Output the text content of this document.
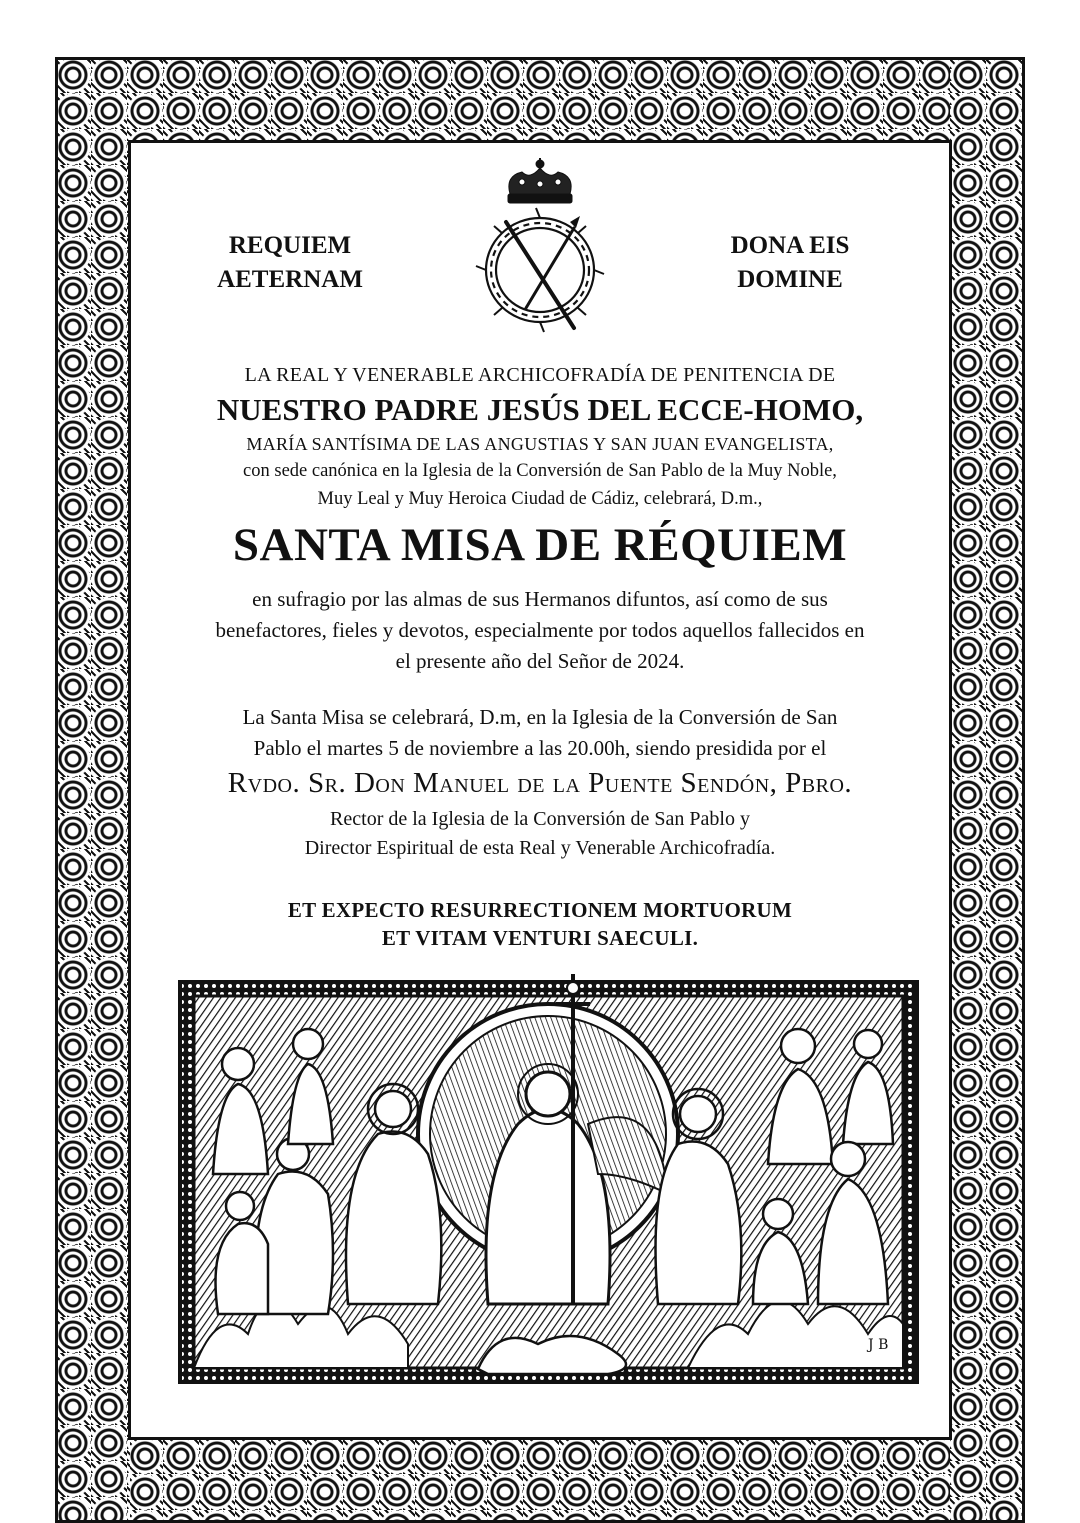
REQUIEM
AETERNAM
DONA EIS
DOMINE
LA REAL Y VENERABLE ARCHICOFRADÍA DE PENITENCIA DE
NUESTRO PADRE JESÚS DEL ECCE-HOMO,
MARÍA SANTÍSIMA DE LAS ANGUSTIAS Y SAN JUAN EVANGELISTA,
con sede canónica en la Iglesia de la Conversión de San Pablo de la Muy Noble,
Muy Leal y Muy Heroica Ciudad de Cádiz, celebrará, D.m.,
SANTA MISA DE RÉQUIEM
en sufragio por las almas de sus Hermanos difuntos, así como de sus
benefactores, fieles y devotos, especialmente por todos aquellos fallecidos en
el presente año del Señor de 2024.
La Santa Misa se celebrará, D.m, en la Iglesia de la Conversión de San
Pablo el martes 5 de noviembre a las 20.00h, siendo presidida por el
Rvdo. Sr. Don Manuel de la Puente Sendón, Pbro.
Rector de la Iglesia de la Conversión de San Pablo y
Director Espiritual de esta Real y Venerable Archicofradía.
ET EXPECTO RESURRECTIONEM MORTUORUM
ET VITAM VENTURI SAECULI.
J B
